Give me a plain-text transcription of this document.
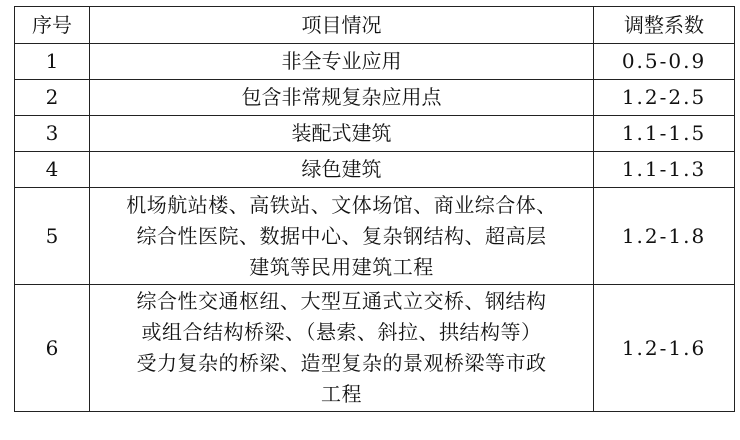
序号	项目情况	调整系数
1	非全专业应用	0.5-0.9
2	包含非常规复杂应用点	1.2-2.5
3	装配式建筑	1.1-1.5
4	绿色建筑	1.1-1.3
5	机场航站楼、高铁站、文体场馆、商业综合体、
综合性医院、数据中心、复杂钢结构、超高层
建筑等民用建筑工程	1.2-1.8
6	综合性交通枢纽、大型互通式立交桥、钢结构
或组合结构桥梁、（悬索、斜拉、拱结构等）
受力复杂的桥梁、造型复杂的景观桥梁等市政
工程	1.2-1.6
